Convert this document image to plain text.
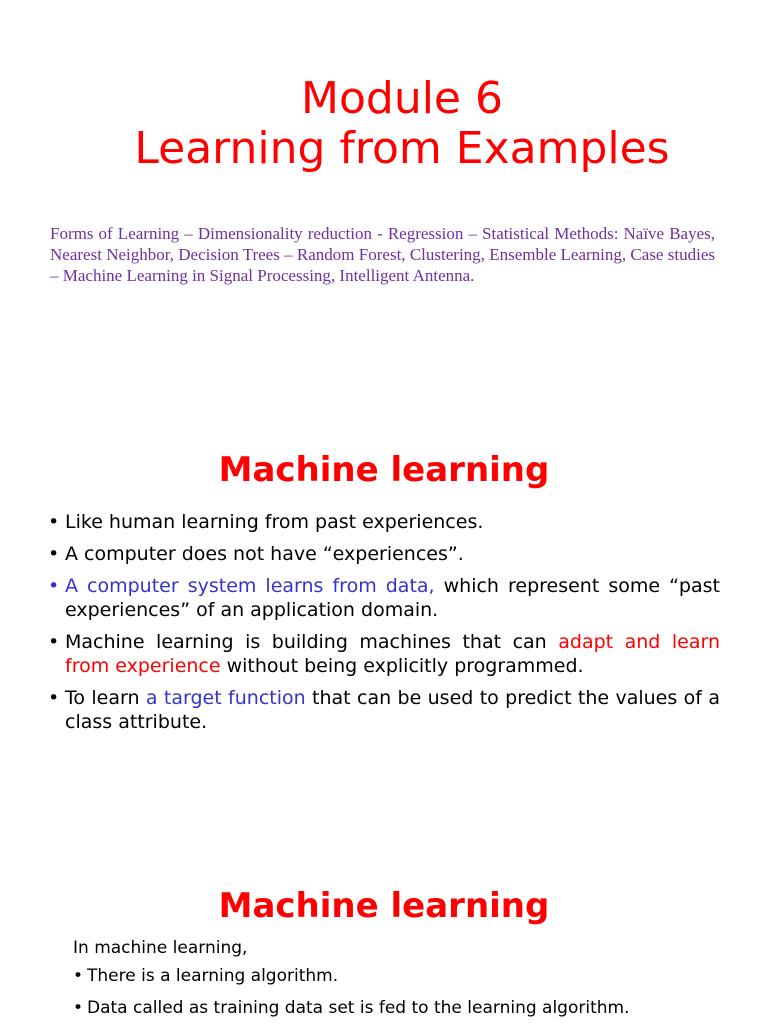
Module 6
Learning from Examples
Forms of Learning – Dimensionality reduction - Regression – Statistical Methods: Naïve Bayes, Nearest Neighbor, Decision Trees – Random Forest, Clustering, Ensemble Learning, Case studies – Machine Learning in Signal Processing, Intelligent Antenna.
Machine learning
• Like human learning from past experiences.
• A computer does not have “experiences”.
• A computer system learns from data, which represent some “past experiences” of an application domain.
• Machine learning is building machines that can adapt and learn from experience without being explicitly programmed.
• To learn a target function that can be used to predict the values of a class attribute.
Machine learning
In machine learning,
• There is a learning algorithm.
• Data called as training data set is fed to the learning algorithm.
